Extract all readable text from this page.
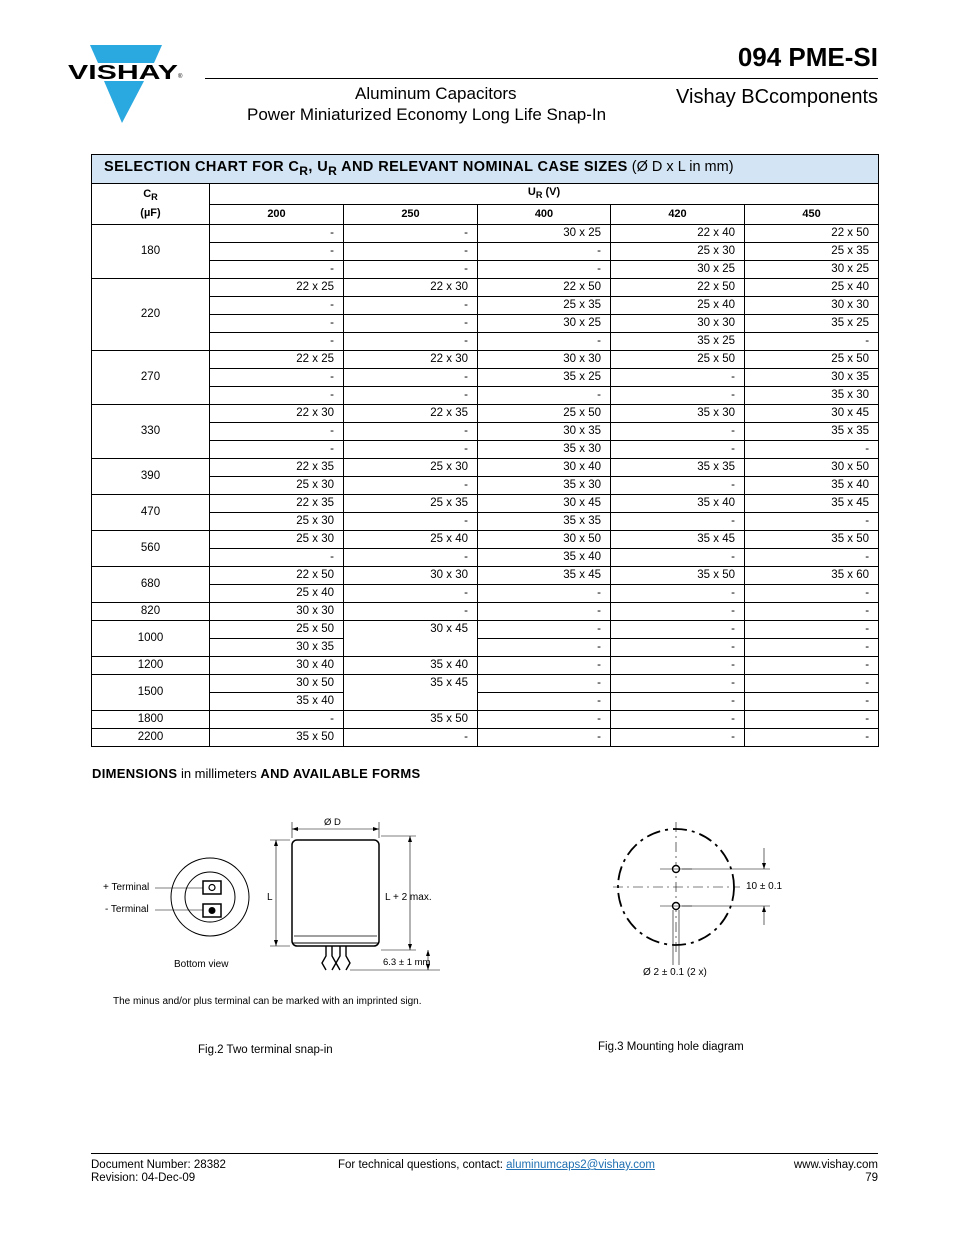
VISHAY ®
094 PME-SI
Aluminum Capacitors
Power Miniaturized Economy Long Life Snap-In
Vishay BCcomponents
SELECTION CHART FOR $C_R$, $U_R$ AND RELEVANT NOMINAL CASE SIZES (Ø D x L in mm)					
$C_R$
(µF)	$U_R$ (V)				
	200	250	400	420	450
180	-	-	30 x 25	22 x 40	22 x 50
	-	-	-	25 x 30	25 x 35
	-	-	-	30 x 25	30 x 25
220	22 x 25	22 x 30	22 x 50	22 x 50	25 x 40
	-	-	25 x 35	25 x 40	30 x 30
	-	-	30 x 25	30 x 30	35 x 25
	-	-	-	35 x 25	-
270	22 x 25	22 x 30	30 x 30	25 x 50	25 x 50
	-	-	35 x 25	-	30 x 35
	-	-	-	-	35 x 30
330	22 x 30	22 x 35	25 x 50	35 x 30	30 x 45
	-	-	30 x 35	-	35 x 35
	-	-	35 x 30	-	-
390	22 x 35	25 x 30	30 x 40	35 x 35	30 x 50
	25 x 30	-	35 x 30	-	35 x 40
470	22 x 35	25 x 35	30 x 45	35 x 40	35 x 45
	25 x 30	-	35 x 35	-	-
560	25 x 30	25 x 40	30 x 50	35 x 45	35 x 50
	-	-	35 x 40	-	-
680	22 x 50	30 x 30	35 x 45	35 x 50	35 x 60
	25 x 40	-	-	-	-
820	30 x 30	-	-	-	-
1000	25 x 50	30 x 45	-	-	-
	30 x 35		-	-	-
1200	30 x 40	35 x 40	-	-	-
1500	30 x 50	35 x 45	-	-	-
	35 x 40		-	-	-
1800	-	35 x 50	-	-	-
2200	35 x 50	-	-	-	-
DIMENSIONS in millimeters AND AVAILABLE FORMS
+ Terminal
- Terminal
Bottom view
Ø D
L	L + 2 max.
6.3 ± 1 mm
The minus and/or plus terminal can be marked with an imprinted sign.
Fig.2 Two terminal snap-in
10 ± 0.1
Ø 2 ± 0.1 (2 x)
Fig.3 Mounting hole diagram
Document Number: 28382
Revision: 04-Dec-09
For technical questions, contact: aluminumcaps2@vishay.com	www.vishay.com
79
